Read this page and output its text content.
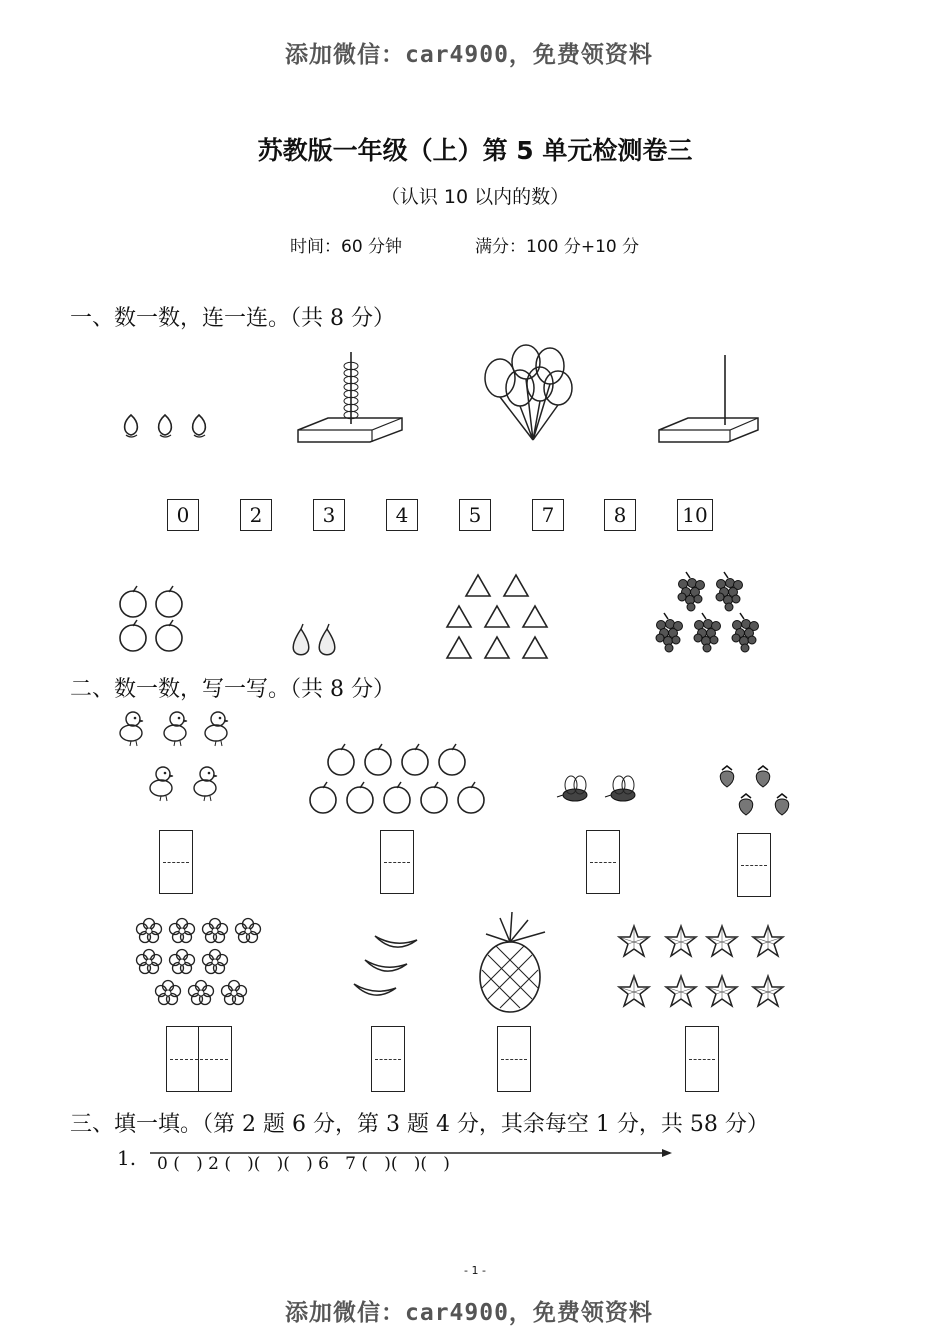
添加微信：car4900，免费领资料
苏教版一年级（上）第 5 单元检测卷三
（认识 10 以内的数）
时间：60 分钟	满分：100 分+10 分
一、数一数，连一连。（共 8 分）
0	2	3	4	5	7	8	10
二、数一数，写一写。（共 8 分）
三、填一填。（第 2 题 6 分，第 3 题 4 分，其余每空 1 分，共 58 分）
1. 0 (   ) 2 (   )(   )(   ) 6   7 (   )(   )(   )
- 1 -
添加微信：car4900，免费领资料
